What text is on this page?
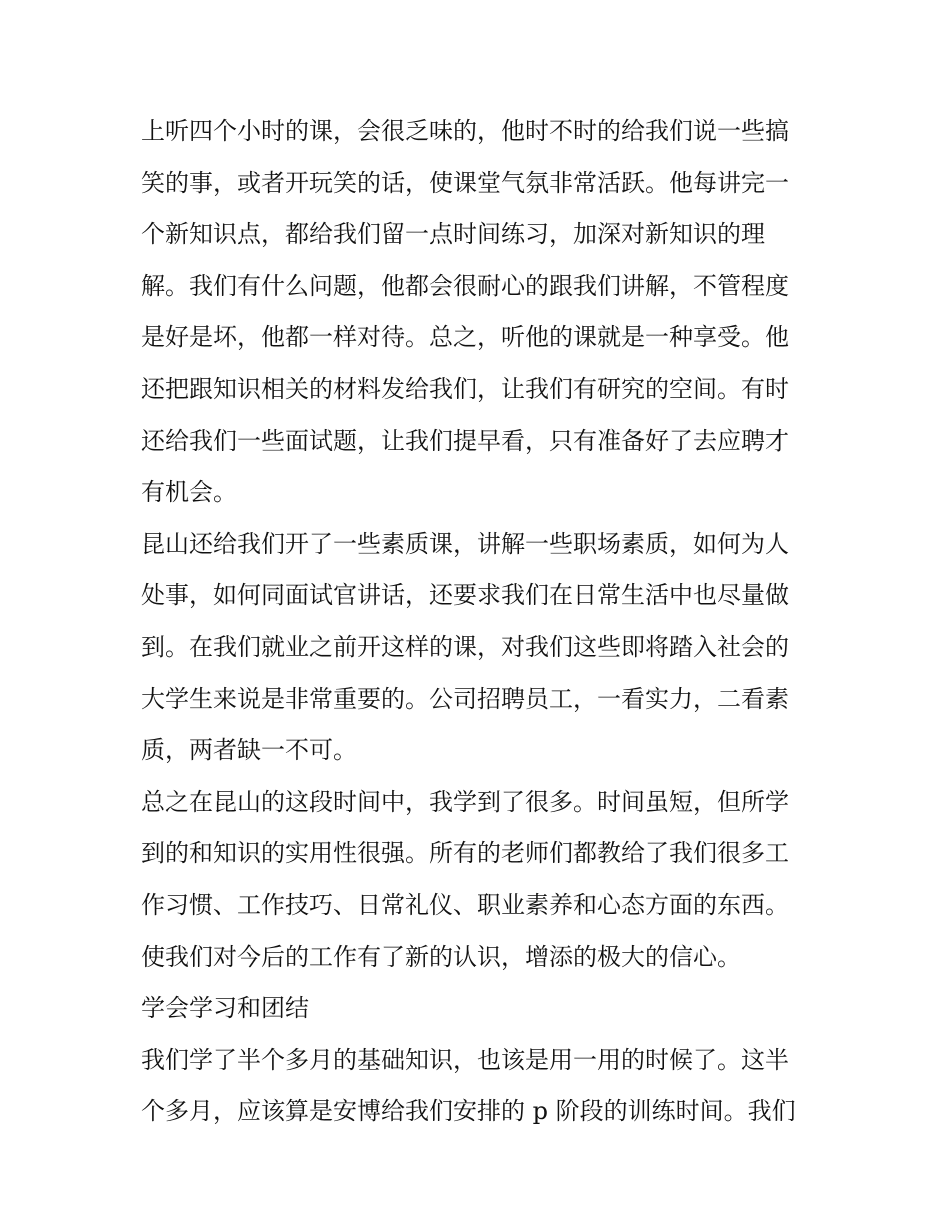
上听四个小时的课，会很乏味的，他时不时的给我们说一些搞
笑的事，或者开玩笑的话，使课堂气氛非常活跃。他每讲完一
个新知识点，都给我们留一点时间练习，加深对新知识的理
解。我们有什么问题，他都会很耐心的跟我们讲解，不管程度
是好是坏，他都一样对待。总之，听他的课就是一种享受。他
还把跟知识相关的材料发给我们，让我们有研究的空间。有时
还给我们一些面试题，让我们提早看，只有准备好了去应聘才
有机会。
昆山还给我们开了一些素质课，讲解一些职场素质，如何为人
处事，如何同面试官讲话，还要求我们在日常生活中也尽量做
到。在我们就业之前开这样的课，对我们这些即将踏入社会的
大学生来说是非常重要的。公司招聘员工，一看实力，二看素
质，两者缺一不可。
总之在昆山的这段时间中，我学到了很多。时间虽短，但所学
到的和知识的实用性很强。所有的老师们都教给了我们很多工
作习惯、工作技巧、日常礼仪、职业素养和心态方面的东西。
使我们对今后的工作有了新的认识，增添的极大的信心。
学会学习和团结
我们学了半个多月的基础知识，也该是用一用的时候了。这半
个多月，应该算是安博给我们安排的 p 阶段的训练时间。我们
